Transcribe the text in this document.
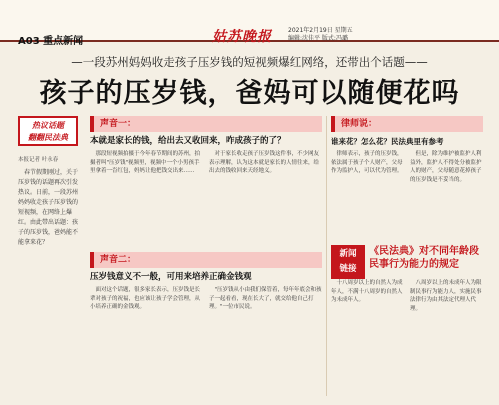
A03 重点新闻	姑苏晚报	2021年2月19日 星期五
编辑:沈佳平 版式:冯璐
—一段苏州妈妈收走孩子压岁钱的短视频爆红网络，还带出个话题——
孩子的压岁钱，爸妈可以随便花吗
热议话题
翻翻民法典
本报记者 叶永春

春节假期刚过，关于压岁钱的话题再次引发热议。日前，一段苏州妈妈收走孩子压岁钱的短视频，在网络上爆红。由此带出话题：孩子的压岁钱，爸妈能不能拿来花？

声音一：
本就是家长的钱，给出去又收回来，咋成孩子的了？

那段短视频拍摄于今年春节期间的苏州，拍摄者叫"压岁钱"视频里，视频中一个小男孩手里拿着一沓红包，妈妈让他把钱交出来……

对于家长收走孩子压岁钱这件事，不少网友表示理解，认为这本就是家长的人情往来，给出去的钱收回来天经地义。

声音二：
压岁钱意义不一般，可用来培养正确金钱观

面对这个话题，很多家长表示，压岁钱是长辈对孩子的祝福，也应该让孩子学会管理，从小培养正确的金钱观。

"压岁钱从小由我们保管着，每年年底会和孩子一起看看，现在长大了，就交给他自己打理。"一位市民说。

律师说：
谁来花？怎么花？民法典里有参考

律师表示，孩子的压岁钱，依法属于孩子个人财产，父母作为监护人，可以代为管理。

但是，除为维护被监护人利益外，监护人不得处分被监护人的财产，父母随意花掉孩子的压岁钱是不妥当的。

新闻
链接
《民法典》对不同年龄段民事行为能力的规定

十八周岁以上的自然人为成年人，不满十八周岁的自然人为未成年人。

八周岁以上的未成年人为限制民事行为能力人，实施民事法律行为由其法定代理人代理。
